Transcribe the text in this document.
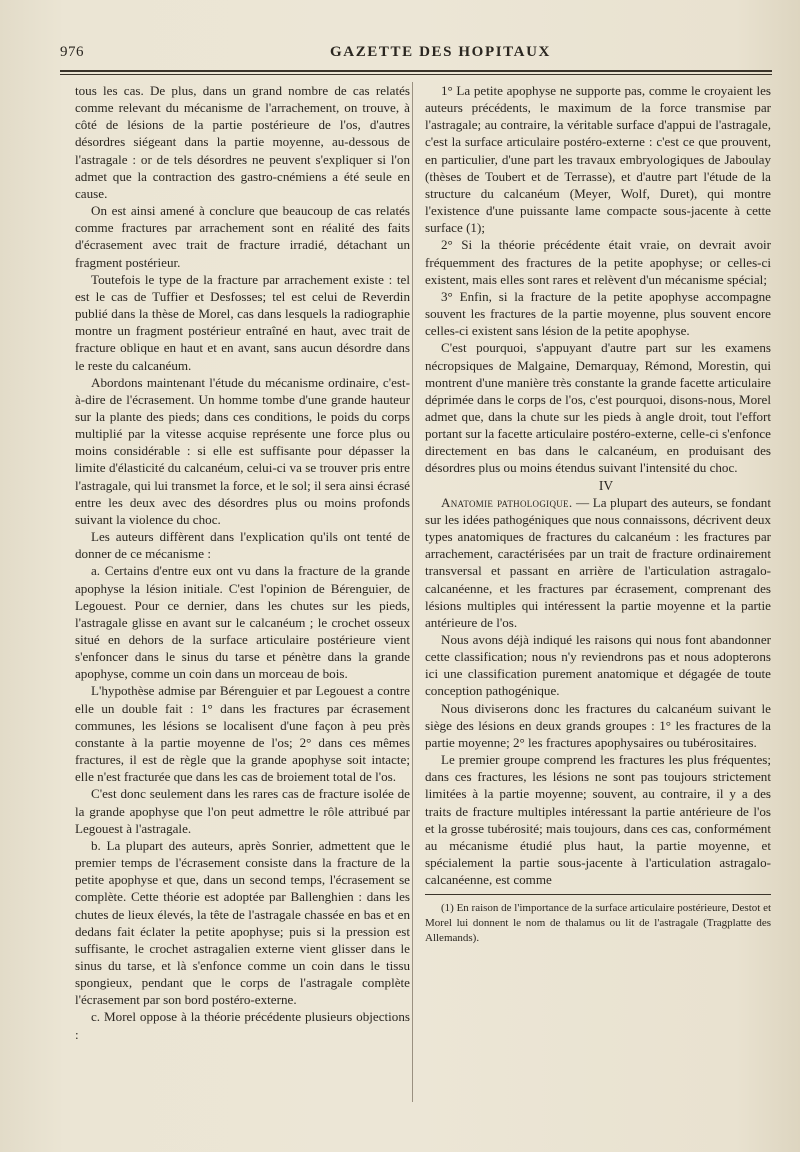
976	GAZETTE DES HOPITAUX

tous les cas. De plus, dans un grand nombre de cas relatés comme relevant du mécanisme de l'arrachement, on trouve, à côté de lésions de la partie postérieure de l'os, d'autres désordres siégeant dans la partie moyenne, au-dessous de l'astragale : or de tels désordres ne peuvent s'expliquer si l'on admet que la contraction des gastro-cnémiens a été seule en cause.

On est ainsi amené à conclure que beaucoup de cas relatés comme fractures par arrachement sont en réalité des faits d'écrasement avec trait de fracture irradié, détachant un fragment postérieur.

Toutefois le type de la fracture par arrachement existe : tel est le cas de Tuffier et Desfosses; tel est celui de Reverdin publié dans la thèse de Morel, cas dans lesquels la radiographie montre un fragment postérieur entraîné en haut, avec trait de fracture oblique en haut et en avant, sans aucun désordre dans le reste du calcanéum.

Abordons maintenant l'étude du mécanisme ordinaire, c'est-à-dire de l'écrasement. Un homme tombe d'une grande hauteur sur la plante des pieds; dans ces conditions, le poids du corps multiplié par la vitesse acquise représente une force plus ou moins considérable : si elle est suffisante pour dépasser la limite d'élasticité du calcanéum, celui-ci va se trouver pris entre l'astragale, qui lui transmet la force, et le sol; il sera ainsi écrasé entre les deux avec des désordres plus ou moins profonds suivant la violence du choc.

Les auteurs diffèrent dans l'explication qu'ils ont tenté de donner de ce mécanisme :

a. Certains d'entre eux ont vu dans la fracture de la grande apophyse la lésion initiale. C'est l'opinion de Bérenguier, de Legouest. Pour ce dernier, dans les chutes sur les pieds, l'astragale glisse en avant sur le calcanéum ; le crochet osseux situé en dehors de la surface articulaire postérieure vient s'enfoncer dans le sinus du tarse et pénètre dans la grande apophyse, comme un coin dans un morceau de bois.

L'hypothèse admise par Bérenguier et par Legouest a contre elle un double fait : 1° dans les fractures par écrasement communes, les lésions se localisent d'une façon à peu près constante à la partie moyenne de l'os; 2° dans ces mêmes fractures, il est de règle que la grande apophyse soit intacte; elle n'est fracturée que dans les cas de broiement total de l'os.

C'est donc seulement dans les rares cas de fracture isolée de la grande apophyse que l'on peut admettre le rôle attribué par Legouest à l'astragale.

b. La plupart des auteurs, après Sonrier, admettent que le premier temps de l'écrasement consiste dans la fracture de la petite apophyse et que, dans un second temps, l'écrasement se complète. Cette théorie est adoptée par Ballenghien : dans les chutes de lieux élevés, la tête de l'astragale chassée en bas et en dedans fait éclater la petite apophyse; puis si la pression est suffisante, le crochet astragalien externe vient glisser dans le sinus du tarse, et là s'enfonce comme un coin dans le tissu spongieux, pendant que le corps de l'astragale complète l'écrasement par son bord postéro-externe.

c. Morel oppose à la théorie précédente plusieurs objections :

1° La petite apophyse ne supporte pas, comme le croyaient les auteurs précédents, le maximum de la force transmise par l'astragale; au contraire, la véritable surface d'appui de l'astragale, c'est la surface articulaire postéro-externe : c'est ce que prouvent, en particulier, d'une part les travaux embryologiques de Jaboulay (thèses de Toubert et de Terrasse), et d'autre part l'étude de la structure du calcanéum (Meyer, Wolf, Duret), qui montre l'existence d'une puissante lame compacte sous-jacente à cette surface (1);

2° Si la théorie précédente était vraie, on devrait avoir fréquemment des fractures de la petite apophyse; or celles-ci existent, mais elles sont rares et relèvent d'un mécanisme spécial;

3° Enfin, si la fracture de la petite apophyse accompagne souvent les fractures de la partie moyenne, plus souvent encore celles-ci existent sans lésion de la petite apophyse.

C'est pourquoi, s'appuyant d'autre part sur les examens nécropsiques de Malgaine, Demarquay, Rémond, Morestin, qui montrent d'une manière très constante la grande facette articulaire déprimée dans le corps de l'os, c'est pourquoi, disons-nous, Morel admet que, dans la chute sur les pieds à angle droit, tout l'effort portant sur la facette articulaire postéro-externe, celle-ci s'enfonce directement en bas dans le calcanéum, en produisant des désordres plus ou moins étendus suivant l'intensité du choc.

IV

Anatomie pathologique. — La plupart des auteurs, se fondant sur les idées pathogéniques que nous connaissons, décrivent deux types anatomiques de fractures du calcanéum : les fractures par arrachement, caractérisées par un trait de fracture ordinairement transversal et passant en arrière de l'articulation astragalo-calcanéenne, et les fractures par écrasement, comprenant des lésions multiples qui intéressent la partie moyenne et la partie antérieure de l'os.

Nous avons déjà indiqué les raisons qui nous font abandonner cette classification; nous n'y reviendrons pas et nous adopterons ici une classification purement anatomique et dégagée de toute conception pathogénique.

Nous diviserons donc les fractures du calcanéum suivant le siège des lésions en deux grands groupes : 1° les fractures de la partie moyenne; 2° les fractures apophysaires ou tubérositaires.

Le premier groupe comprend les fractures les plus fréquentes; dans ces fractures, les lésions ne sont pas toujours strictement limitées à la partie moyenne; souvent, au contraire, il y a des traits de fracture multiples intéressant la partie antérieure de l'os et la grosse tubérosité; mais toujours, dans ces cas, conformément au mécanisme étudié plus haut, la partie moyenne, et spécialement la partie sous-jacente à l'articulation astragalo-calcanéenne, est comme

(1) En raison de l'importance de la surface articulaire postérieure, Destot et Morel lui donnent le nom de thalamus ou lit de l'astragale (Tragplatte des Allemands).
